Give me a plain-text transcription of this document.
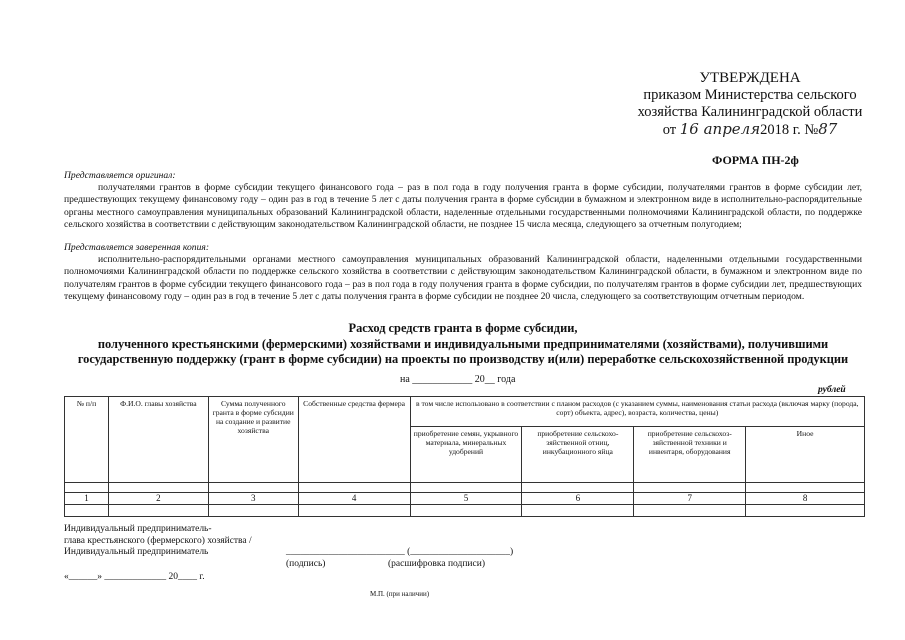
УТВЕРЖДЕНА
приказом Министерства сельского
хозяйства Калининградской области
от 16 апреля2018 г. №87
ФОРМА ПН-2ф
Представляется оригинал:
получателями грантов в форме субсидии текущего финансового года – раз в пол года в году получения гранта в форме субсидии, получателями грантов в форме субсидии лет, предшествующих текущему финансовому году – один раз в год в течение 5 лет с даты получения гранта в форме субсидии в бумажном и электронном виде в исполнительно-распорядительные органы местного самоуправления муниципальных образований Калининградской области, наделенные отдельными государственными полномочиями Калининградской области, по поддержке сельского хозяйства в соответствии с действующим законодательством Калининградской области, не позднее 15 числа месяца, следующего за отчетным полугодием;
Представляется заверенная копия:
исполнительно-распорядительными органами местного самоуправления муниципальных образований Калининградской области, наделенными отдельными государственными полномочиями Калининградской области по поддержке сельского хозяйства в соответствии с действующим законодательством Калининградской области, в бумажном и электронном виде по получателям грантов в форме субсидии текущего финансового года – раз в пол года в году получения гранта в форме субсидии, по получателям грантов в форме субсидии лет, предшествующих текущему финансовому году – один раз в год в течение 5 лет с даты получения гранта в форме субсидии не позднее 20 числа, следующего за соответствующим отчетным периодом.
Расход средств гранта в форме субсидии,
полученного крестьянскими (фермерскими) хозяйствами и индивидуальными предпринимателями (хозяйствами), получившими
государственную поддержку (грант в форме субсидии) на проекты по производству и(или) переработке сельскохозяйственной продукции
на ____________ 20__ года
рублей
№ п/п	Ф.И.О. главы хозяйства	Сумма полученного гранта в форме субсидии на создание и развитие хозяйства	Собственные средства фермера	в том числе использовано в соответствии с планом расходов (с указанием суммы, наименования статьи расхода (включая марку (порода, сорт) объекта, адрес), возраста, количества, цены)			
				приобретение семян, укрывного материала, минеральных удобрений	приобретение сельскохо-зяйственной отниц, инкубационного яйца	приобретение сельскохоз-зяйственной техники и инвентаря, оборудования	Иное

1	2	3	4	5	6	7	8

Индивидуальный предприниматель-
глава крестьянского (фермерского) хозяйства /
Индивидуальный предприниматель	_________________________ (_____________________)
(подпись)	(расшифровка подписи)
«______» _____________ 20____ г.
М.П. (при наличии)
